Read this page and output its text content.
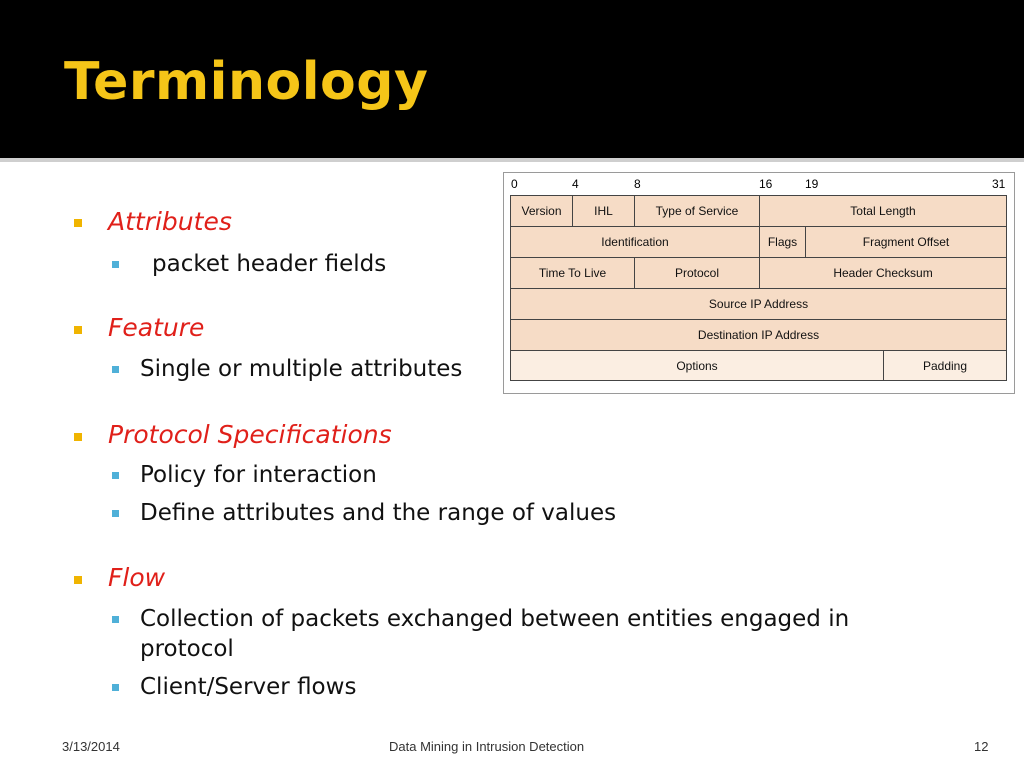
Terminology
Attributes
packet header fields
Feature
Single or multiple attributes
Protocol Specifications
Policy for interaction
Define attributes and the range of values
Flow
Collection of packets exchanged between entities engaged in
protocol
Client/Server flows
0	4	8	16	19	31
Version	IHL	Type of Service	Total Length
Identification	Flags	Fragment Offset
Time To Live	Protocol	Header Checksum
Source IP Address
Destination IP Address
Options	Padding
3/13/2014	Data Mining in Intrusion Detection	12
